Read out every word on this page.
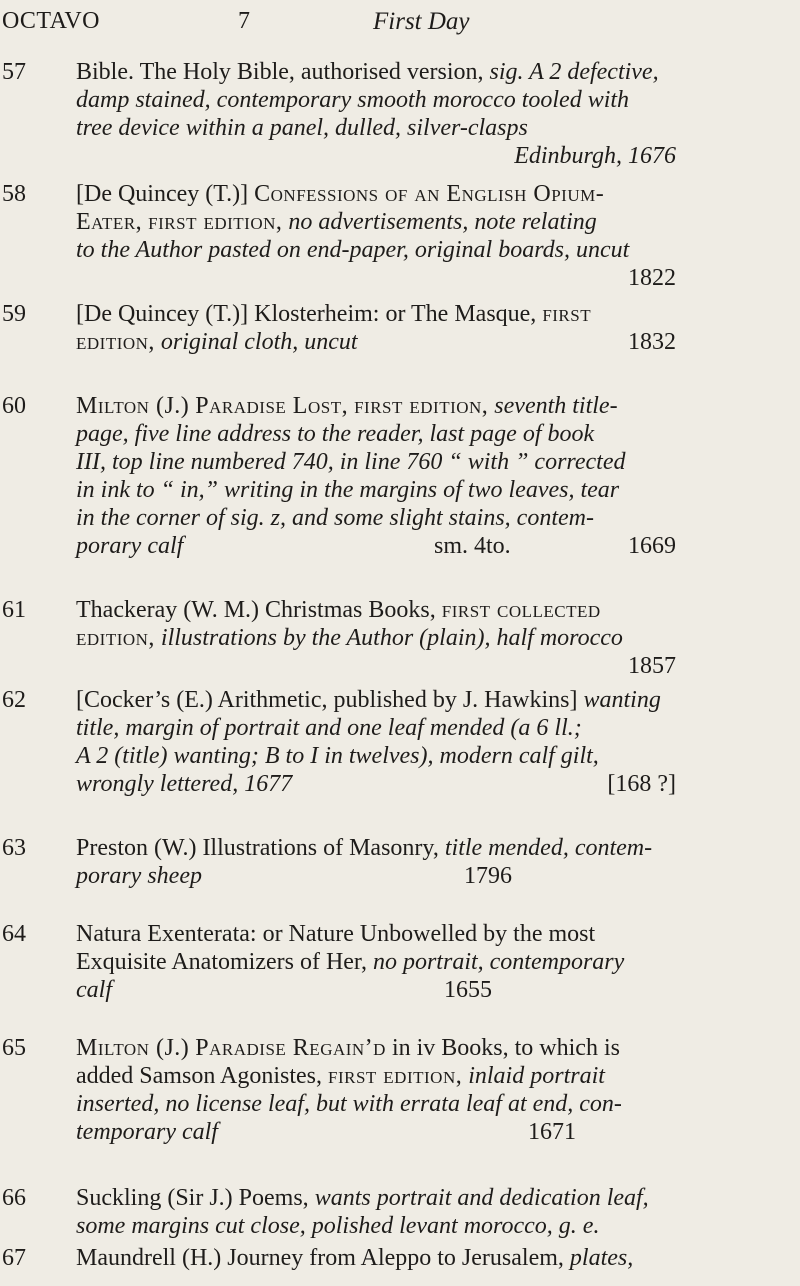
OCTAVO	7	First Day
57 Bible. The Holy Bible, authorised version, sig. A 2 defective,
damp stained, contemporary smooth morocco tooled with
tree device within a panel, dulled, silver-clasps
Edinburgh, 1676
58 [De Quincey (T.)] Confessions of an English Opium-
Eater, first edition, no advertisements, note relating
to the Author pasted on end-paper, original boards, uncut
1822
59 [De Quincey (T.)] Klosterheim: or The Masque, first
edition, original cloth, uncut	1832
60 Milton (J.) Paradise Lost, first edition, seventh title-
page, five line address to the reader, last page of book
III, top line numbered 740, in line 760 “ with ” corrected
in ink to “ in,” writing in the margins of two leaves, tear
in the corner of sig. z, and some slight stains, contem-
porary calf	sm. 4to.	1669
61 Thackeray (W. M.) Christmas Books, first collected
edition, illustrations by the Author (plain), half morocco
1857
62 [Cocker’s (E.) Arithmetic, published by J. Hawkins] wanting
title, margin of portrait and one leaf mended (a 6 ll.;
A 2 (title) wanting; B to I in twelves), modern calf gilt,
wrongly lettered, 1677	[168 ?]
63 Preston (W.) Illustrations of Masonry, title mended, contem-
porary sheep	1796
64 Natura Exenterata: or Nature Unbowelled by the most
Exquisite Anatomizers of Her, no portrait, contemporary
calf	1655
65 Milton (J.) Paradise Regain’d in iv Books, to which is
added Samson Agonistes, first edition, inlaid portrait
inserted, no license leaf, but with errata leaf at end, con-
temporary calf	1671
66 Suckling (Sir J.) Poems, wants portrait and dedication leaf,
some margins cut close, polished levant morocco, g. e.
67 Maundrell (H.) Journey from Aleppo to Jerusalem, plates,
